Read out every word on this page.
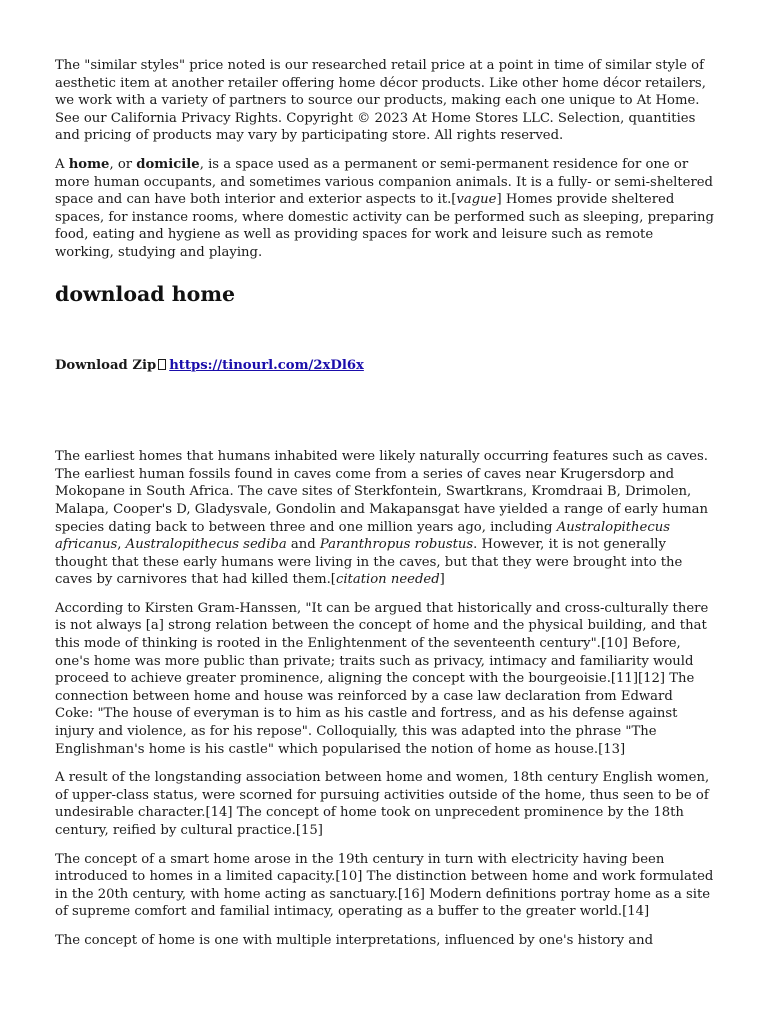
The "similar styles" price noted is our researched retail price at a point in time of similar style of aesthetic item at another retailer offering home décor products. Like other home décor retailers, we work with a variety of partners to source our products, making each one unique to At Home.
See our California Privacy Rights. Copyright © 2023 At Home Stores LLC. Selection, quantities and pricing of products may vary by participating store. All rights reserved.

A home, or domicile, is a space used as a permanent or semi-permanent residence for one or more human occupants, and sometimes various companion animals. It is a fully- or semi-sheltered space and can have both interior and exterior aspects to it.[vague] Homes provide sheltered spaces, for instance rooms, where domestic activity can be performed such as sleeping, preparing food, eating and hygiene as well as providing spaces for work and leisure such as remote working, studying and playing.

download home

Download Zip https://tinourl.com/2xDl6x

The earliest homes that humans inhabited were likely naturally occurring features such as caves. The earliest human fossils found in caves come from a series of caves near Krugersdorp and Mokopane in South Africa. The cave sites of Sterkfontein, Swartkrans, Kromdraai B, Drimolen, Malapa, Cooper's D, Gladysvale, Gondolin and Makapansgat have yielded a range of early human species dating back to between three and one million years ago, including Australopithecus africanus, Australopithecus sediba and Paranthropus robustus. However, it is not generally thought that these early humans were living in the caves, but that they were brought into the caves by carnivores that had killed them.[citation needed]

According to Kirsten Gram-Hanssen, "It can be argued that historically and cross-culturally there is not always [a] strong relation between the concept of home and the physical building, and that this mode of thinking is rooted in the Enlightenment of the seventeenth century".[10] Before, one's home was more public than private; traits such as privacy, intimacy and familiarity would proceed to achieve greater prominence, aligning the concept with the bourgeoisie.[11][12] The connection between home and house was reinforced by a case law declaration from Edward Coke: "The house of everyman is to him as his castle and fortress, and as his defense against injury and violence, as for his repose". Colloquially, this was adapted into the phrase "The Englishman's home is his castle" which popularised the notion of home as house.[13]

A result of the longstanding association between home and women, 18th century English women, of upper-class status, were scorned for pursuing activities outside of the home, thus seen to be of undesirable character.[14] The concept of home took on unprecedent prominence by the 18th century, reified by cultural practice.[15]

The concept of a smart home arose in the 19th century in turn with electricity having been introduced to homes in a limited capacity.[10] The distinction between home and work formulated in the 20th century, with home acting as sanctuary.[16] Modern definitions portray home as a site of supreme comfort and familial intimacy, operating as a buffer to the greater world.[14]

The concept of home is one with multiple interpretations, influenced by one's history and
